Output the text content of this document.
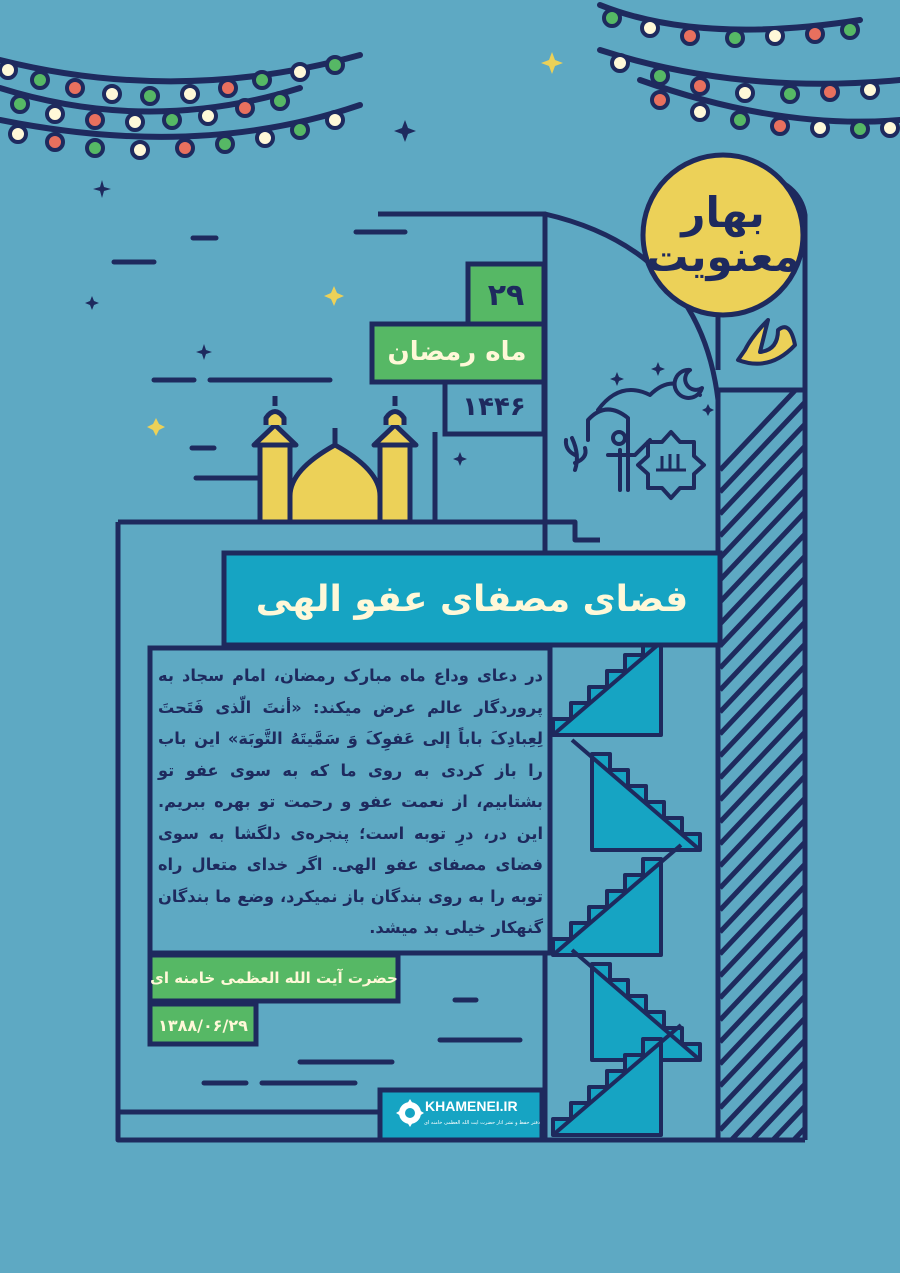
بهار
معنویت
۲۹
ماه رمضان
۱۴۴۶
فضای مصفای عفو الهی
در دعای وداع ماه مبارک رمضان، امام سجاد به پروردگار عالم عرض میکند: «أنتَ الّذی فَتَحتَ لِعِبادِکَ باباً إلی عَفوِکَ وَ سَمَّیتَهُ التَّوبَة» این باب را باز کردی به روی ما که به سوی عفو تو بشتابیم، از نعمت عفو و رحمت تو بهره ببریم. این در، درِ توبه است؛ پنجره‌ی دلگشا به سوی فضای مصفای عفو الهی. اگر خدای متعال راه توبه را به روی بندگان باز نمیکرد، وضع ما بندگان گنهکار خیلی بد میشد.
حضرت آیت الله العظمی خامنه ای
۱۳۸۸/۰۶/۲۹
KHAMENEI.IR
دفتر حفظ و نشر آثار حضرت آیت الله العظمی خامنه ای
